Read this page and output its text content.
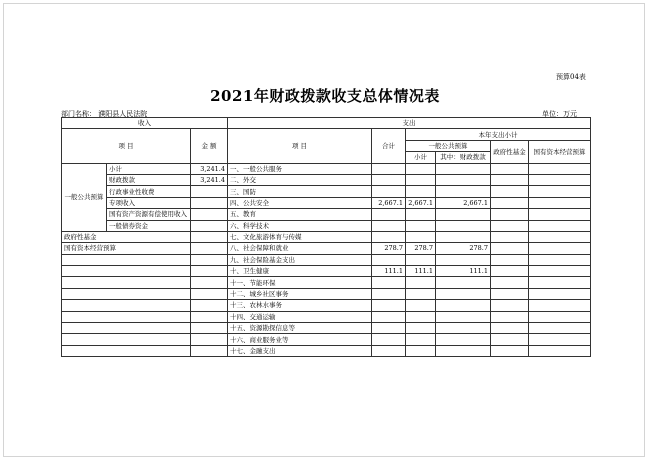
预算04表
2021年财政拨款收支总体情况表
部门名称： 濮阳县人民法院	单位：万元
收入			支出					
项 目		金 额	项 目	合计	本年支出小计			
					一般公共预算		政府性基金	国有资本经营预算
					小计	其中：财政拨款		
一般公共预算	小计	3,241.4	一、一般公共服务					
	财政拨款	3,241.4	二、外交					
	行政事业性收费		三、国防					
	专项收入		四、公共安全	2,667.1	2,667.1	2,667.1		
	国有资产资源有偿使用收入		五、教育					
	一般债券资金		六、科学技术					
政府性基金			七、文化旅游体育与传媒					
国有资本经营预算			八、社会保障和就业	278.7	278.7	278.7		
			九、社会保险基金支出					
			十、卫生健康	111.1	111.1	111.1		
			十一、节能环保					
			十二、城乡社区事务					
			十三、农林水事务					
			十四、交通运输					
			十五、资源勘探信息等					
			十六、商业服务业等					
			十七、金融支出					
